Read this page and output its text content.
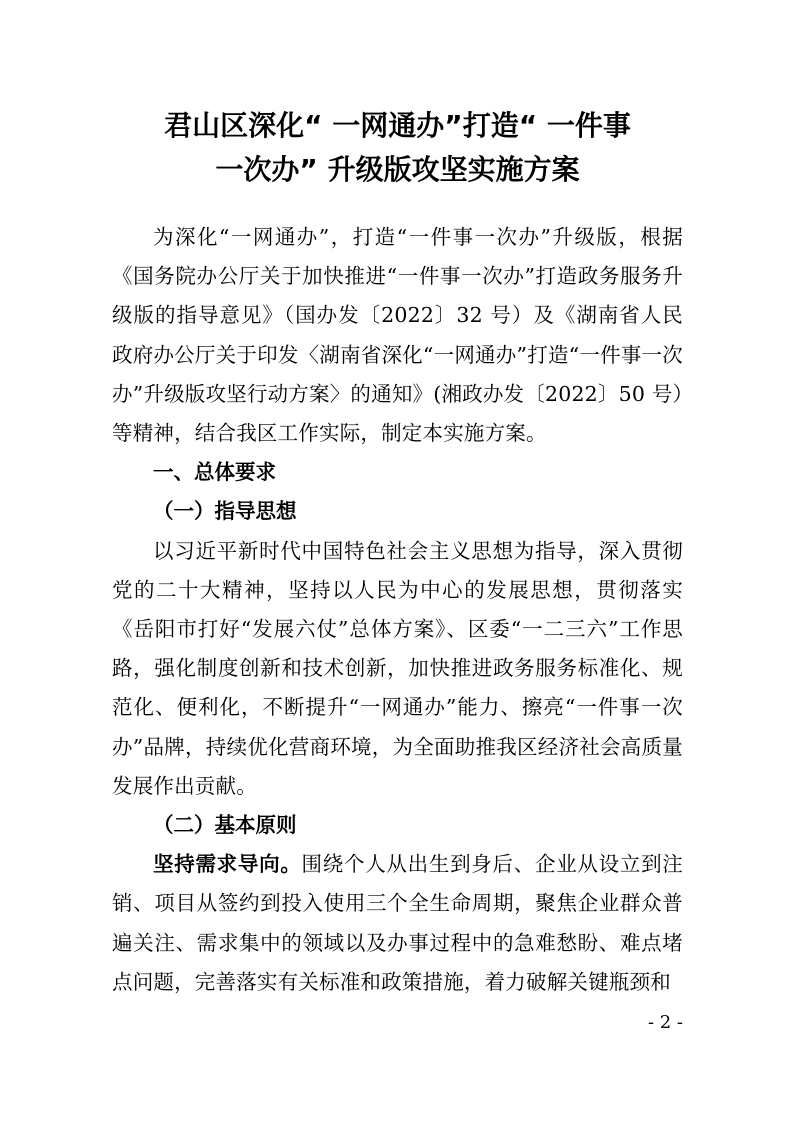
君山区深化“ 一网通办”打造“ 一件事
一次办” 升级版攻坚实施方案

为深化“一网通办”，打造“一件事一次办”升级版，根据《国务院办公厅关于加快推进“一件事一次办”打造政务服务升级版的指导意见》（国办发〔2022〕32 号）及《湖南省人民政府办公厅关于印发〈湖南省深化“一网通办”打造“一件事一次办”升级版攻坚行动方案〉的通知》(湘政办发〔2022〕50 号）等精神，结合我区工作实际，制定本实施方案。

一、总体要求

（一）指导思想

以习近平新时代中国特色社会主义思想为指导，深入贯彻党的二十大精神，坚持以人民为中心的发展思想，贯彻落实《岳阳市打好“发展六仗”总体方案》、区委“一二三六”工作思路，强化制度创新和技术创新，加快推进政务服务标准化、规范化、便利化，不断提升“一网通办”能力、擦亮“一件事一次办”品牌，持续优化营商环境，为全面助推我区经济社会高质量发展作出贡献。

（二）基本原则

坚持需求导向。围绕个人从出生到身后、企业从设立到注销、项目从签约到投入使用三个全生命周期，聚焦企业群众普遍关注、需求集中的领域以及办事过程中的急难愁盼、难点堵点问题，完善落实有关标准和政策措施，着力破解关键瓶颈和

- 2 -
